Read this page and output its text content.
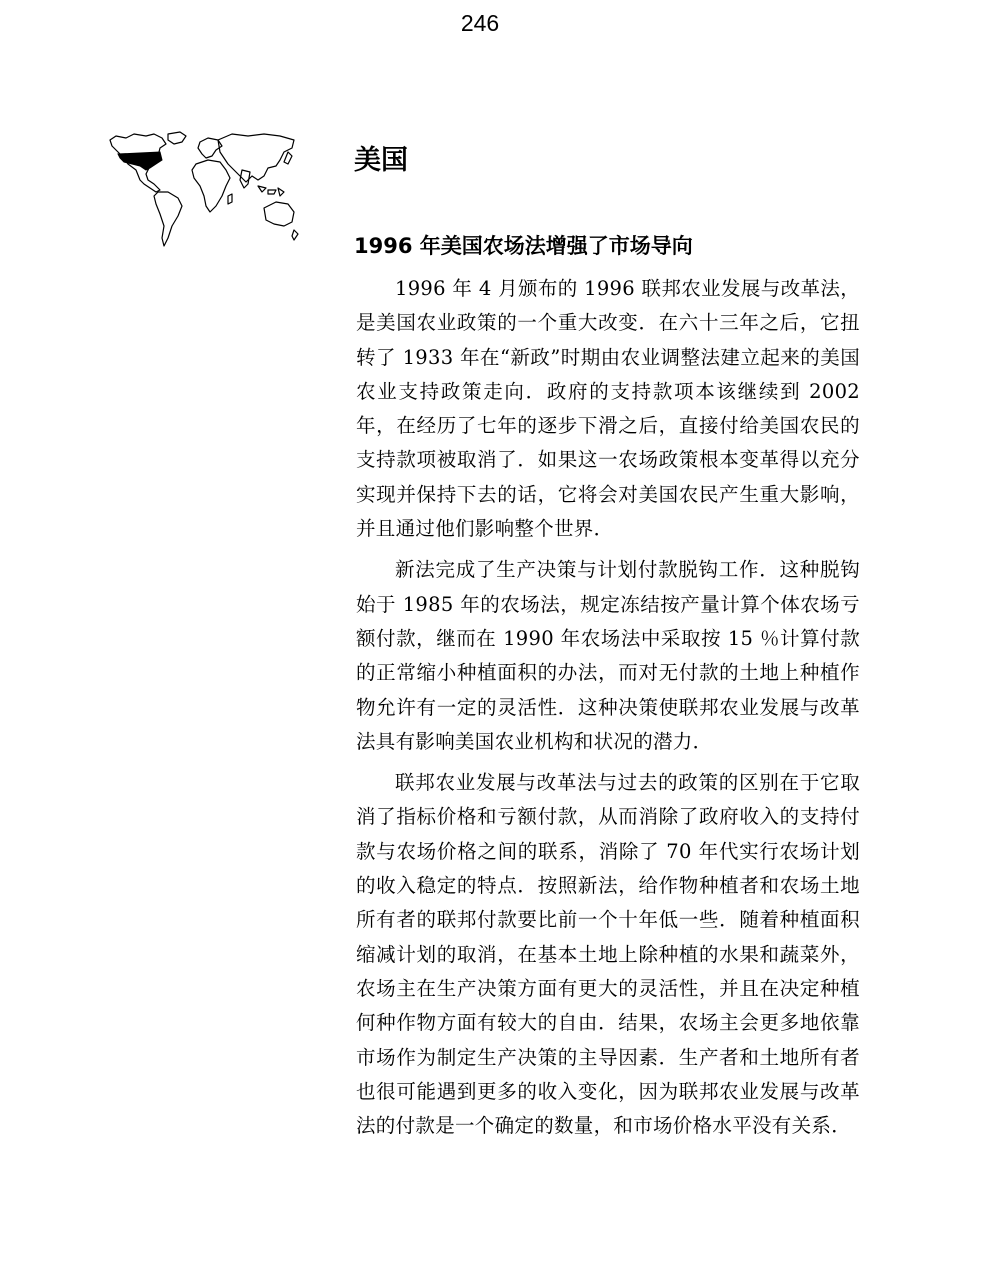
246
美国
1996 年美国农场法增强了市场导向

1996 年 4 月颁布的 1996 联邦农业发展与改革法，是美国农业政策的一个重大改变．在六十三年之后，它扭转了 1933 年在“新政”时期由农业调整法建立起来的美国农业支持政策走向．政府的支持款项本该继续到 2002 年，在经历了七年的逐步下滑之后，直接付给美国农民的支持款项被取消了．如果这一农场政策根本变革得以充分实现并保持下去的话，它将会对美国农民产生重大影响，并且通过他们影响整个世界．

新法完成了生产决策与计划付款脱钩工作．这种脱钩始于 1985 年的农场法，规定冻结按产量计算个体农场亏额付款，继而在 1990 年农场法中采取按 15 ％计算付款的正常缩小种植面积的办法，而对无付款的土地上种植作物允许有一定的灵活性．这种决策使联邦农业发展与改革法具有影响美国农业机构和状况的潜力．

联邦农业发展与改革法与过去的政策的区别在于它取消了指标价格和亏额付款，从而消除了政府收入的支持付款与农场价格之间的联系，消除了 70 年代实行农场计划的收入稳定的特点．按照新法，给作物种植者和农场土地所有者的联邦付款要比前一个十年低一些．随着种植面积缩减计划的取消，在基本土地上除种植的水果和蔬菜外，农场主在生产决策方面有更大的灵活性，并且在决定种植何种作物方面有较大的自由．结果，农场主会更多地依靠市场作为制定生产决策的主导因素．生产者和土地所有者也很可能遇到更多的收入变化，因为联邦农业发展与改革法的付款是一个确定的数量，和市场价格水平没有关系．
